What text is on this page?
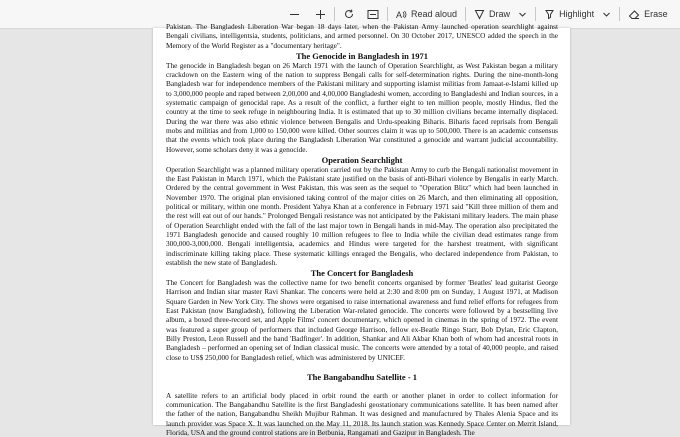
A Read aloud	Draw	Highlight	Erase

Pakistan. The Bangladesh Liberation War began 18 days later, when the Pakistan Army launched operation searchlight against Bengali civilians, intelligentsia, students, politicians, and armed personnel. On 30 October 2017, UNESCO added the speech in the Memory of the World Register as a "documentary heritage".

The Genocide in Bangladesh in 1971

The genocide in Bangladesh began on 26 March 1971 with the launch of Operation Searchlight, as West Pakistan began a military crackdown on the Eastern wing of the nation to suppress Bengali calls for self-determination rights. During the nine-month-long Bangladesh war for independence members of the Pakistani military and supporting islamist militias from Jamaat-e-Islami killed up to 3,000,000 people and raped between 2,00,000 and 4,00,000 Bangladeshi women, according to Bangladeshi and Indian sources, in a systematic campaign of genocidal rape. As a result of the conflict, a further eight to ten million people, mostly Hindus, fled the country at the time to seek refuge in neighbouring India. It is estimated that up to 30 million civilians became internally displaced. During the war there was also ethnic violence between Bengalis and Urdu-speaking Biharis. Biharis faced reprisals from Bengali mobs and militias and from 1,000 to 150,000 were killed. Other sources claim it was up to 500,000. There is an academic consensus that the events which took place during the Bangladesh Liberation War constituted a genocide and warrant judicial accountability. However, some scholars deny it was a genocide.

Operation Searchlight

Operation Searchlight was a planned military operation carried out by the Pakistan Army to curb the Bengali nationalist movement in the East Pakistan in March 1971, which the Pakistani state justified on the basis of anti-Bihari violence by Bengalis in early March. Ordered by the central government in West Pakistan, this was seen as the sequel to "Operation Blitz" which had been launched in November 1970. The original plan envisioned taking control of the major cities on 26 March, and then eliminating all opposition, political or military, within one month. President Yahya Khan at a conference in February 1971 said "Kill three million of them and the rest will eat out of our hands." Prolonged Bengali resistance was not anticipated by the Pakistani military leaders. The main phase of Operation Searchlight ended with the fall of the last major town in Bengali hands in mid-May. The operation also precipitated the 1971 Bangladesh genocide and caused roughly 10 million refugees to flee to India while the civilian dead estimates range from 300,000-3,000,000. Bengali intelligentsia, academics and Hindus were targeted for the harshest treatment, with significant indiscriminate killing taking place. These systematic killings enraged the Bengalis, who declared independence from Pakistan, to establish the new state of Bangladesh.

The Concert for Bangladesh

The Concert for Bangladesh was the collective name for two benefit concerts organised by former 'Beatles' lead guitarist George Harrison and Indian sitar master Ravi Shankar. The concerts were held at 2:30 and 8:00 pm on Sunday, 1 August 1971, at Madison Square Garden in New York City. The shows were organised to raise international awareness and fund relief efforts for refugees from East Pakistan (now Bangladesh), following the Liberation War-related genocide. The concerts were followed by a bestselling live album, a boxed three-record set, and Apple Films' concert documentary, which opened in cinemas in the spring of 1972. The event was featured a super group of performers that included George Harrison, fellow ex-Beatle Ringo Starr, Bob Dylan, Eric Clapton, Billy Preston, Leon Russell and the band 'Badfinger'. In addition, Shankar and Ali Akbar Khan both of whom had ancestral roots in Bangladesh – performed an opening set of Indian classical music. The concerts were attended by a total of 40,000 people, and raised close to US$ 250,000 for Bangladesh relief, which was administered by UNICEF.

The Bangabandhu Satellite - 1

A satellite refers to an artificial body placed in orbit round the earth or another planet in order to collect information for communication. The Bangabandhu Satellite is the first Bangladeshi geostationary communications satellite. It has been named after the father of the nation, Bangabandhu Sheikh Mujibur Rahman. It was designed and manufactured by Thales Alenia Space and its launch provider was Space X. It was launched on the May 11, 2018. Its launch station was Kennedy Space Center on Merrit Island, Florida, USA and the ground control stations are in Betbunia, Rangamati and Gazipur in Bangladesh. The
